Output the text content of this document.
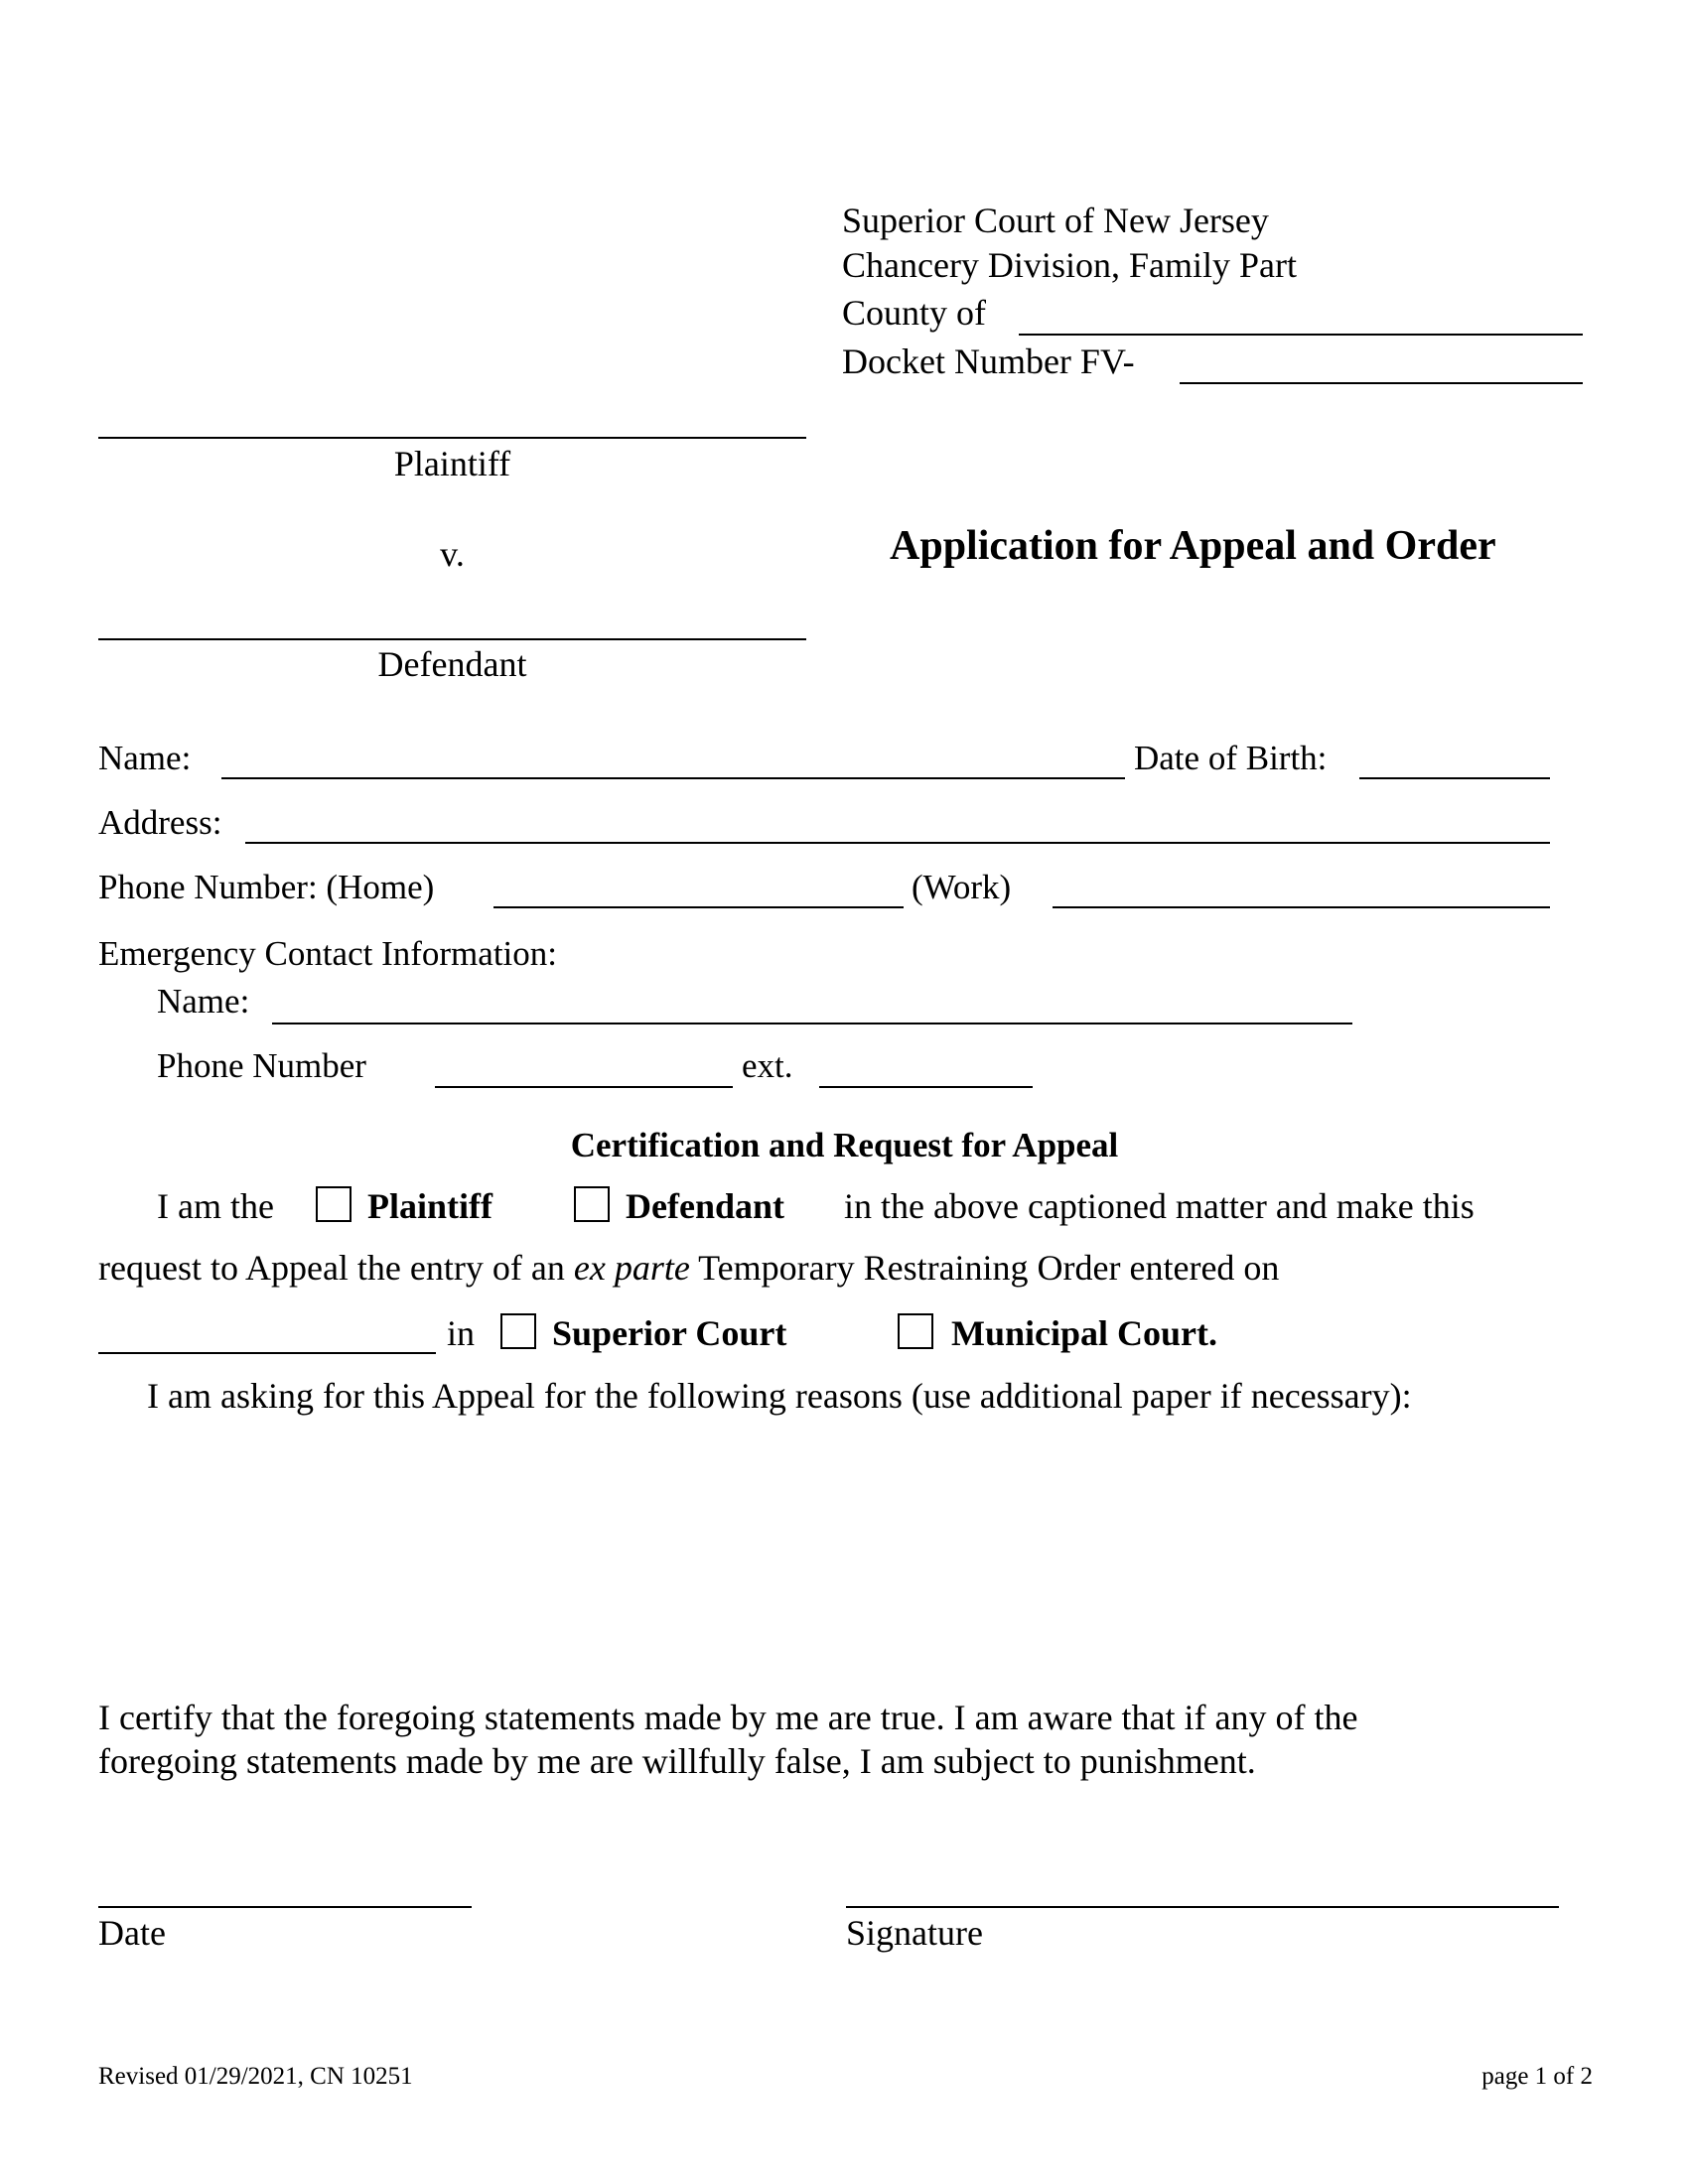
Superior Court of New Jersey
Chancery Division, Family Part
County of
Docket Number FV-
Plaintiff
v.
Defendant
Application for Appeal and Order
Name:	Date of Birth:
Address:
Phone Number: (Home)	(Work)
Emergency Contact Information:
Name:
Phone Number	ext.
Certification and Request for Appeal
I am the	Plaintiff	Defendant in the above captioned matter and make this
request to Appeal the entry of an ex parte Temporary Restraining Order entered on
in Superior Court	Municipal Court.
I am asking for this Appeal for the following reasons (use additional paper if necessary):
I certify that the foregoing statements made by me are true. I am aware that if any of the
foregoing statements made by me are willfully false, I am subject to punishment.
Date	Signature
Revised 01/29/2021, CN 10251	page 1 of 2
